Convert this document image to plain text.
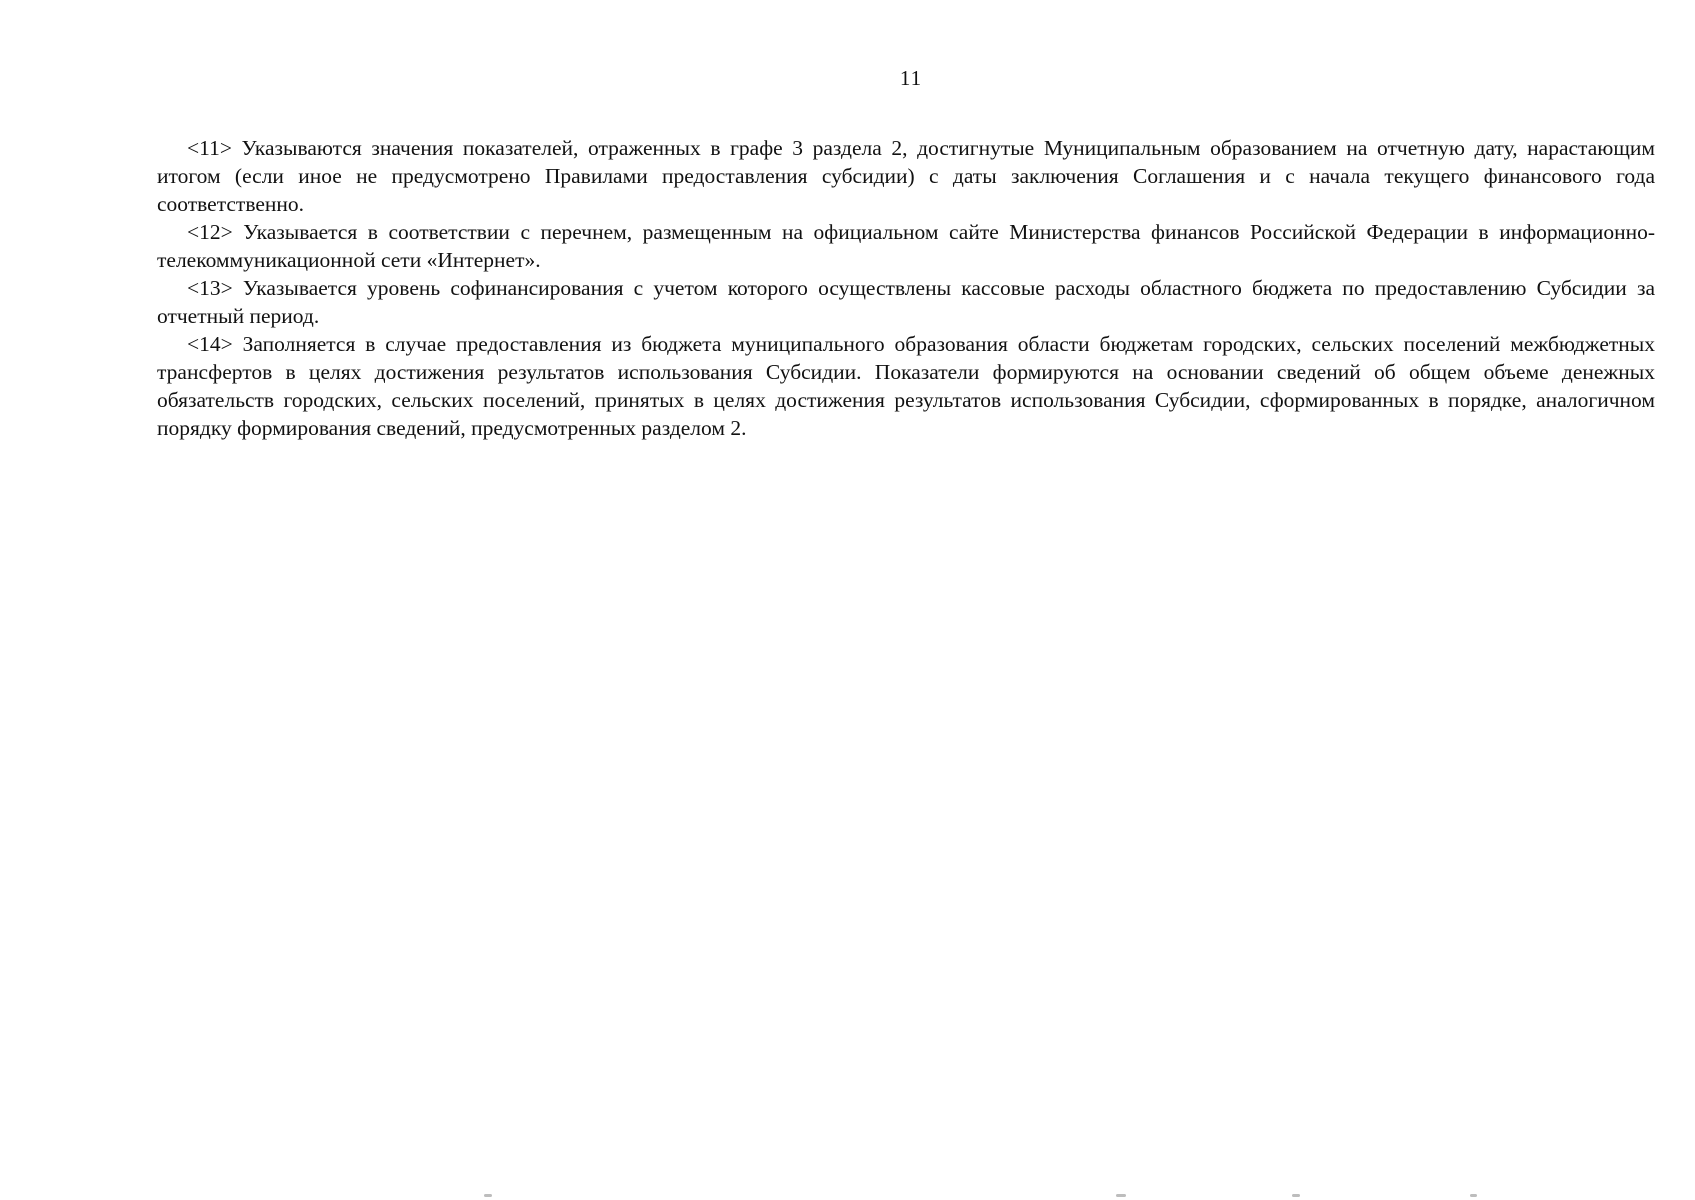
11

<11> Указываются значения показателей, отраженных в графе 3 раздела 2, достигнутые Муниципальным образованием на отчетную дату, нарастающим итогом (если иное не предусмотрено Правилами предоставления субсидии) с даты заключения Соглашения и с начала текущего финансового года соответственно.

<12> Указывается в соответствии с перечнем, размещенным на официальном сайте Министерства финансов Российской Федерации в информационно-телекоммуникационной сети «Интернет».

<13> Указывается уровень софинансирования с учетом которого осуществлены кассовые расходы областного бюджета по предоставлению Субсидии за отчетный период.

<14> Заполняется в случае предоставления из бюджета муниципального образования области бюджетам городских, сельских поселений межбюджетных трансфертов в целях достижения результатов использования Субсидии. Показатели формируются на основании сведений об общем объеме денежных обязательств городских, сельских поселений, принятых в целях достижения результатов использования Субсидии, сформированных в порядке, аналогичном порядку формирования сведений, предусмотренных разделом 2.
